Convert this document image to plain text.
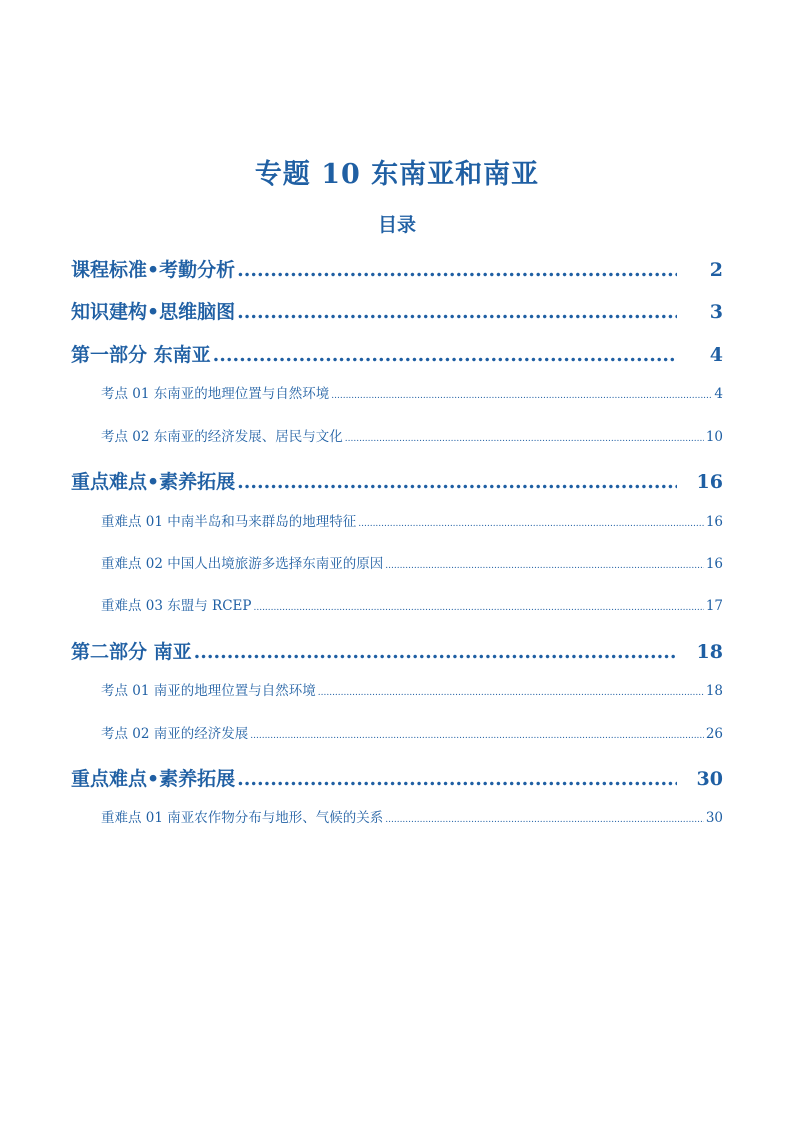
专题 10 东南亚和南亚
目录
课程标准•考勤分析 .....	2
知识建构•思维脑图 .....	3
第一部分 东南亚 .....	4
考点 01 东南亚的地理位置与自然环境 .....	4
考点 02 东南亚的经济发展、居民与文化 .....	10
重点难点•素养拓展 .....	16
重难点 01 中南半岛和马来群岛的地理特征 .....	16
重难点 02 中国人出境旅游多选择东南亚的原因 .....	16
重难点 03 东盟与 RCEP .....	17
第二部分 南亚 .....	18
考点 01 南亚的地理位置与自然环境 .....	18
考点 02 南亚的经济发展 .....	26
重点难点•素养拓展 .....	30
重难点 01 南亚农作物分布与地形、气候的关系 .....	30
